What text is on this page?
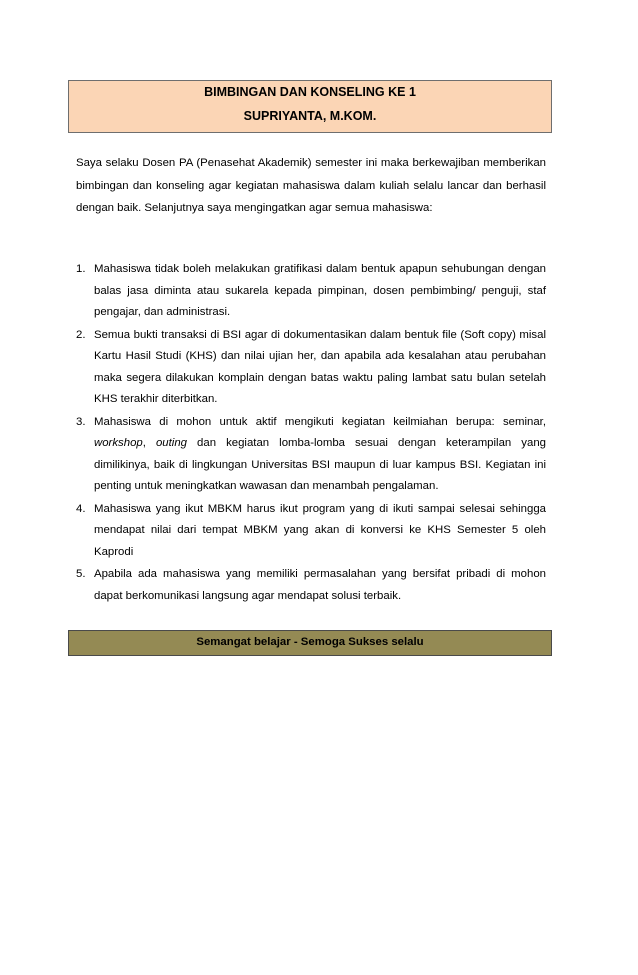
BIMBINGAN DAN KONSELING KE 1
SUPRIYANTA, M.KOM.

Saya selaku Dosen PA (Penasehat Akademik) semester ini maka berkewajiban memberikan bimbingan dan konseling agar kegiatan mahasiswa dalam kuliah selalu lancar dan berhasil dengan baik. Selanjutnya saya mengingatkan agar semua mahasiswa:

1. Mahasiswa tidak boleh melakukan gratifikasi dalam bentuk apapun sehubungan dengan balas jasa diminta atau sukarela kepada pimpinan, dosen pembimbing/ penguji, staf pengajar, dan administrasi.
2. Semua bukti transaksi di BSI agar di dokumentasikan dalam bentuk file (Soft copy) misal Kartu Hasil Studi (KHS) dan nilai ujian her, dan apabila ada kesalahan atau perubahan maka segera dilakukan komplain dengan batas waktu paling lambat satu bulan setelah KHS terakhir diterbitkan.
3. Mahasiswa di mohon untuk aktif mengikuti kegiatan keilmiahan berupa: seminar, workshop, outing dan kegiatan lomba-lomba sesuai dengan keterampilan yang dimilikinya, baik di lingkungan Universitas BSI maupun di luar kampus BSI. Kegiatan ini penting untuk meningkatkan wawasan dan menambah pengalaman.
4. Mahasiswa yang ikut MBKM harus ikut program yang di ikuti sampai selesai sehingga mendapat nilai dari tempat MBKM yang akan di konversi ke KHS Semester 5 oleh Kaprodi
5. Apabila ada mahasiswa yang memiliki permasalahan yang bersifat pribadi di mohon dapat berkomunikasi langsung agar mendapat solusi terbaik.
Semangat belajar - Semoga Sukses selalu
